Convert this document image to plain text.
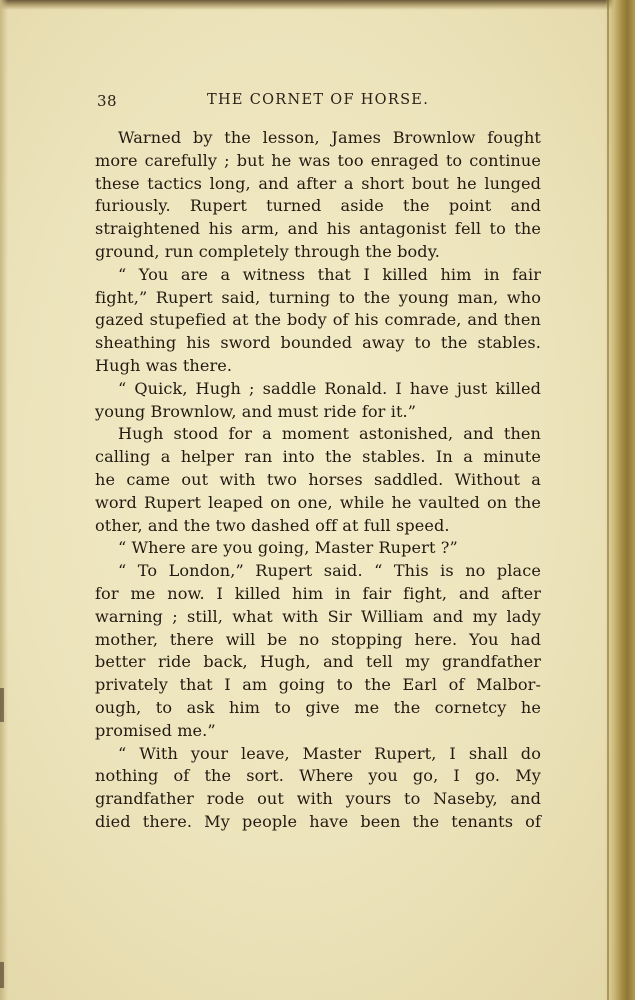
38	THE CORNET OF HORSE.
Warned by the lesson, James Brownlow fought
more carefully ; but he was too enraged to continue
these tactics long, and after a short bout he lunged
furiously. Rupert turned aside the point and
straightened his arm, and his antagonist fell to the
ground, run completely through the body.
“ You are a witness that I killed him in fair
fight,” Rupert said, turning to the young man, who
gazed stupefied at the body of his comrade, and then
sheathing his sword bounded away to the stables.
Hugh was there.
“ Quick, Hugh ; saddle Ronald. I have just killed
young Brownlow, and must ride for it.”
Hugh stood for a moment astonished, and then
calling a helper ran into the stables. In a minute
he came out with two horses saddled. Without a
word Rupert leaped on one, while he vaulted on the
other, and the two dashed off at full speed.
“ Where are you going, Master Rupert ?”
“ To London,” Rupert said. “ This is no place
for me now. I killed him in fair fight, and after
warning ; still, what with Sir William and my lady
mother, there will be no stopping here. You had
better ride back, Hugh, and tell my grandfather
privately that I am going to the Earl of Malbor-
ough, to ask him to give me the cornetcy he
promised me.”
“ With your leave, Master Rupert, I shall do
nothing of the sort. Where you go, I go. My
grandfather rode out with yours to Naseby, and
died there. My people have been the tenants of
